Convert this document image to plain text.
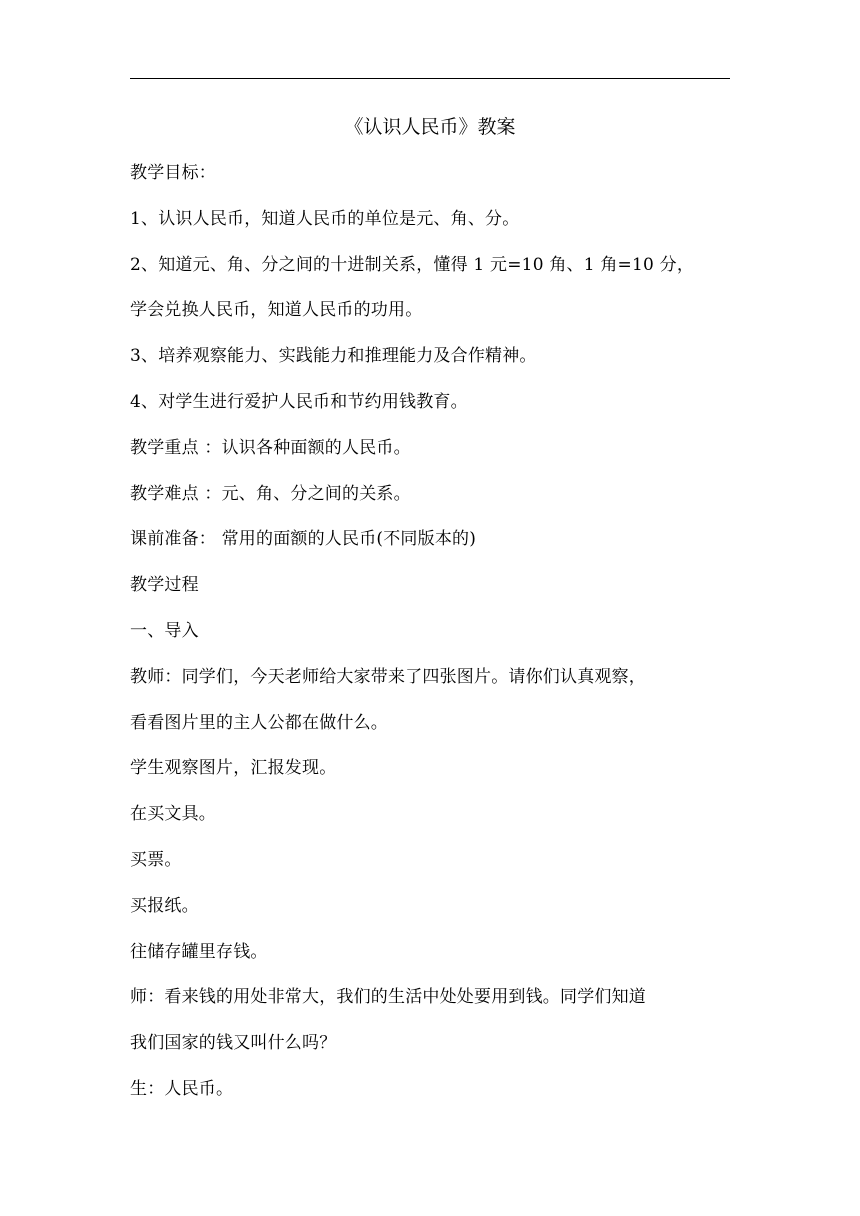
《认识人民币》教案
教学目标：
1、认识人民币，知道人民币的单位是元、角、分。
2、知道元、角、分之间的十进制关系，懂得 1 元=10 角、1 角=10 分，
学会兑换人民币，知道人民币的功用。
3、培养观察能力、实践能力和推理能力及合作精神。
4、对学生进行爱护人民币和节约用钱教育。
教学重点 ：认识各种面额的人民币。
教学难点 ：元、角、分之间的关系。
课前准备： 常用的面额的人民币(不同版本的)
教学过程
一、导入
教师：同学们，今天老师给大家带来了四张图片。请你们认真观察，
看看图片里的主人公都在做什么。
学生观察图片，汇报发现。
在买文具。
买票。
买报纸。
往储存罐里存钱。
师：看来钱的用处非常大，我们的生活中处处要用到钱。同学们知道
我们国家的钱又叫什么吗？
生：人民币。
